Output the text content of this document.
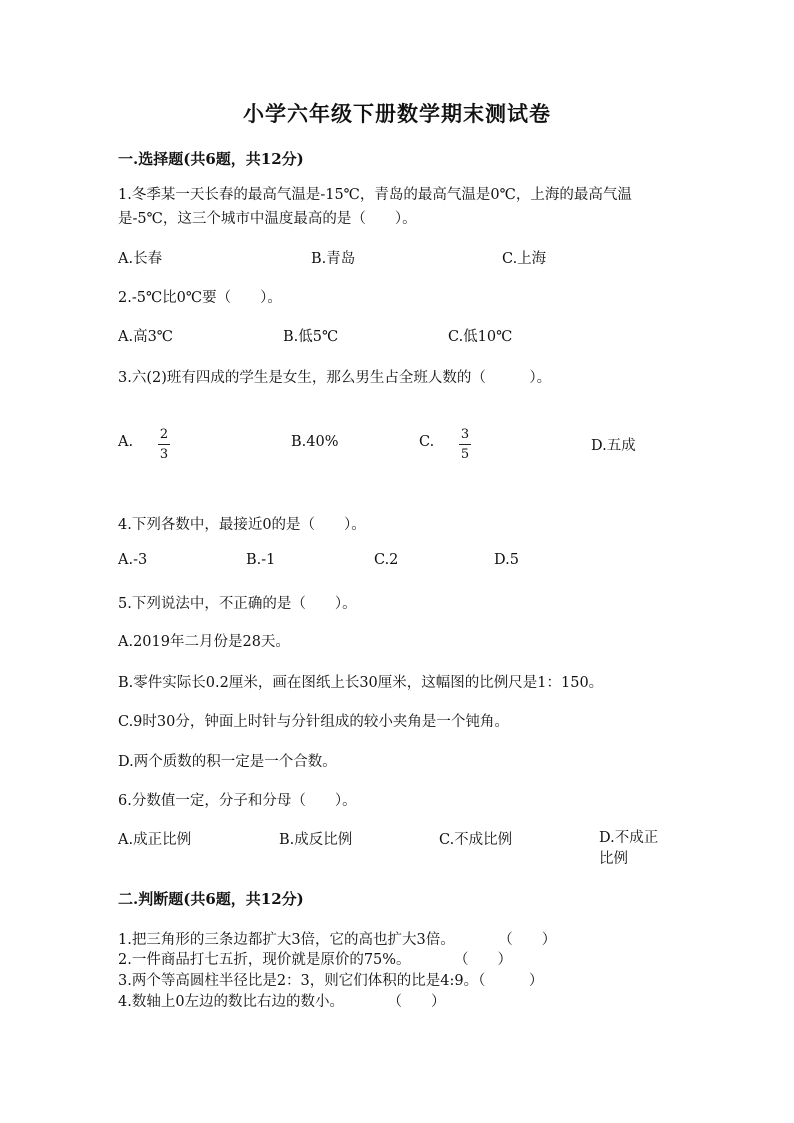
小学六年级下册数学期末测试卷
一.选择题(共6题，共12分)
1.冬季某一天长春的最高气温是-15℃，青岛的最高气温是0℃，上海的最高气温是-5℃，这三个城市中温度最高的是（　　）。
A.长春	B.青岛	C.上海
2.-5℃比0℃要（　　）。
A.高3℃	B.低5℃	C.低10℃
3.六(2)班有四成的学生是女生，那么男生占全班人数的（　　　）。
A. 2
3
B.40%	C. 3
5
D.五成
4.下列各数中，最接近0的是（　　）。
A.-3	B.-1	C.2	D.5
5.下列说法中，不正确的是（　　）。
A.2019年二月份是28天。
B.零件实际长0.2厘米，画在图纸上长30厘米，这幅图的比例尺是1：150。
C.9时30分，钟面上时针与分针组成的较小夹角是一个钝角。
D.两个质数的积一定是一个合数。
6.分数值一定，分子和分母（　　）。
A.成正比例	B.成反比例	C.不成比例	D.不成正比例
二.判断题(共6题，共12分)
1.把三角形的三条边都扩大3倍，它的高也扩大3倍。　　　　（　　）
2.一件商品打七五折，现价就是原价的75%。　　　　（　　）
3.两个等高圆柱半径比是2：3，则它们体积的比是4:9。（　　　）
4.数轴上0左边的数比右边的数小。　　　　（　　）
